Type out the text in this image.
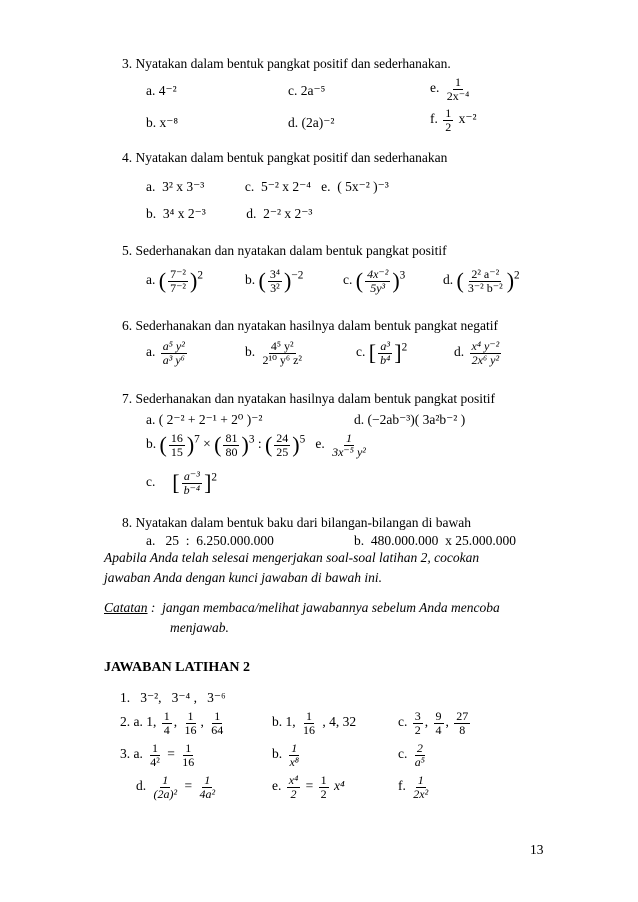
3. Nyatakan dalam bentuk pangkat positif dan sederhanakan.
a. 4⁻²	c. 2a⁻⁵	e. $\frac{1}{\text{2x⁻⁴}}$
b. x⁻⁸	d. (2a)⁻²	f. $\frac{1}{2} x^{-2}$
4. Nyatakan dalam bentuk pangkat positif dan sederhanakan
a.  3² x 3⁻³            c.  5⁻² x 2⁻⁴   e.  ( 5x⁻² )⁻³
b.  3⁴ x 2⁻³            d.  2⁻² x 2⁻³
5. Sederhanakan dan nyatakan dalam bentuk pangkat positif
a. ( $\frac{\text{7⁻²}}{\text{7⁻²}} )^2$	b. ( $\frac{\text{3⁴}}{\text{3²}} )^{-2}$	c. ( $\frac{\text{4x⁻²}}{\text{5y³}} )^3$	d. ( $\frac{\text{2² a⁻²}}{\text{3⁻² b⁻²}} )^2$
6. Sederhanakan dan nyatakan hasilnya dalam bentuk pangkat negatif
a. $\frac{\text{a⁵ y²}}{\text{a³ y⁶}}$	b. $\frac{\text{4⁵ y²}}{\text{2¹⁰ y⁶ z²}}$	c. [ $\frac{\text{a³}}{\text{b⁴}} ]^2$	d. $\frac{\text{x⁴ y⁻²}}{\text{2x⁶ y²}}$
7. Sederhanakan dan nyatakan hasilnya dalam bentuk pangkat positif
a. ( 2⁻² + 2⁻¹ + 2⁰ )⁻²	d. (−2ab⁻³)( 3a²b⁻² )
b. ( $\frac{16}{15} )^7$ × ( $\frac{81}{80} )^3$ : ( $\frac{24}{25} )^5$ e. $\frac{1}{\text{3x⁻⁵ y²}}$
c. [ $\frac{\text{a⁻³}}{\text{b⁻⁴}} ]^2$
8. Nyatakan dalam bentuk baku dari bilangan-bilangan di bawah
a.   25  :  6.250.000.000	b.  480.000.000  x 25.000.000
Apabila Anda telah selesai mengerjakan soal-soal latihan 2, cocokan
jawaban Anda dengan kunci jawaban di bawah ini.
Catatan :  jangan membaca/melihat jawabannya sebelum Anda mencoba
menjawab.
JAWABAN LATIHAN 2
1.   3⁻²,   3⁻⁴ ,   3⁻⁶
2. a. 1, $\frac{1}{4}$ , $\frac{1}{16}$ , $\frac{1}{64}$	b. 1, $\frac{1}{16}$ , 4, 32	c. $\frac{3}{2}$ , $\frac{9}{4}$ , $\frac{27}{8}$
3. a. $\frac{1}{\text{4²}} = \frac{1}{16}$	b. $\frac{1}{\text{x⁸}}$	c. $\frac{2}{\text{a⁵}}$
d. $\frac{1}{\text{(2a)²}} = \frac{1}{\text{4a²}}$	e. $\frac{\text{x⁴}}{2} = \frac{1}{2} x^4$	f. $\frac{1}{\text{2x²}}$
13
